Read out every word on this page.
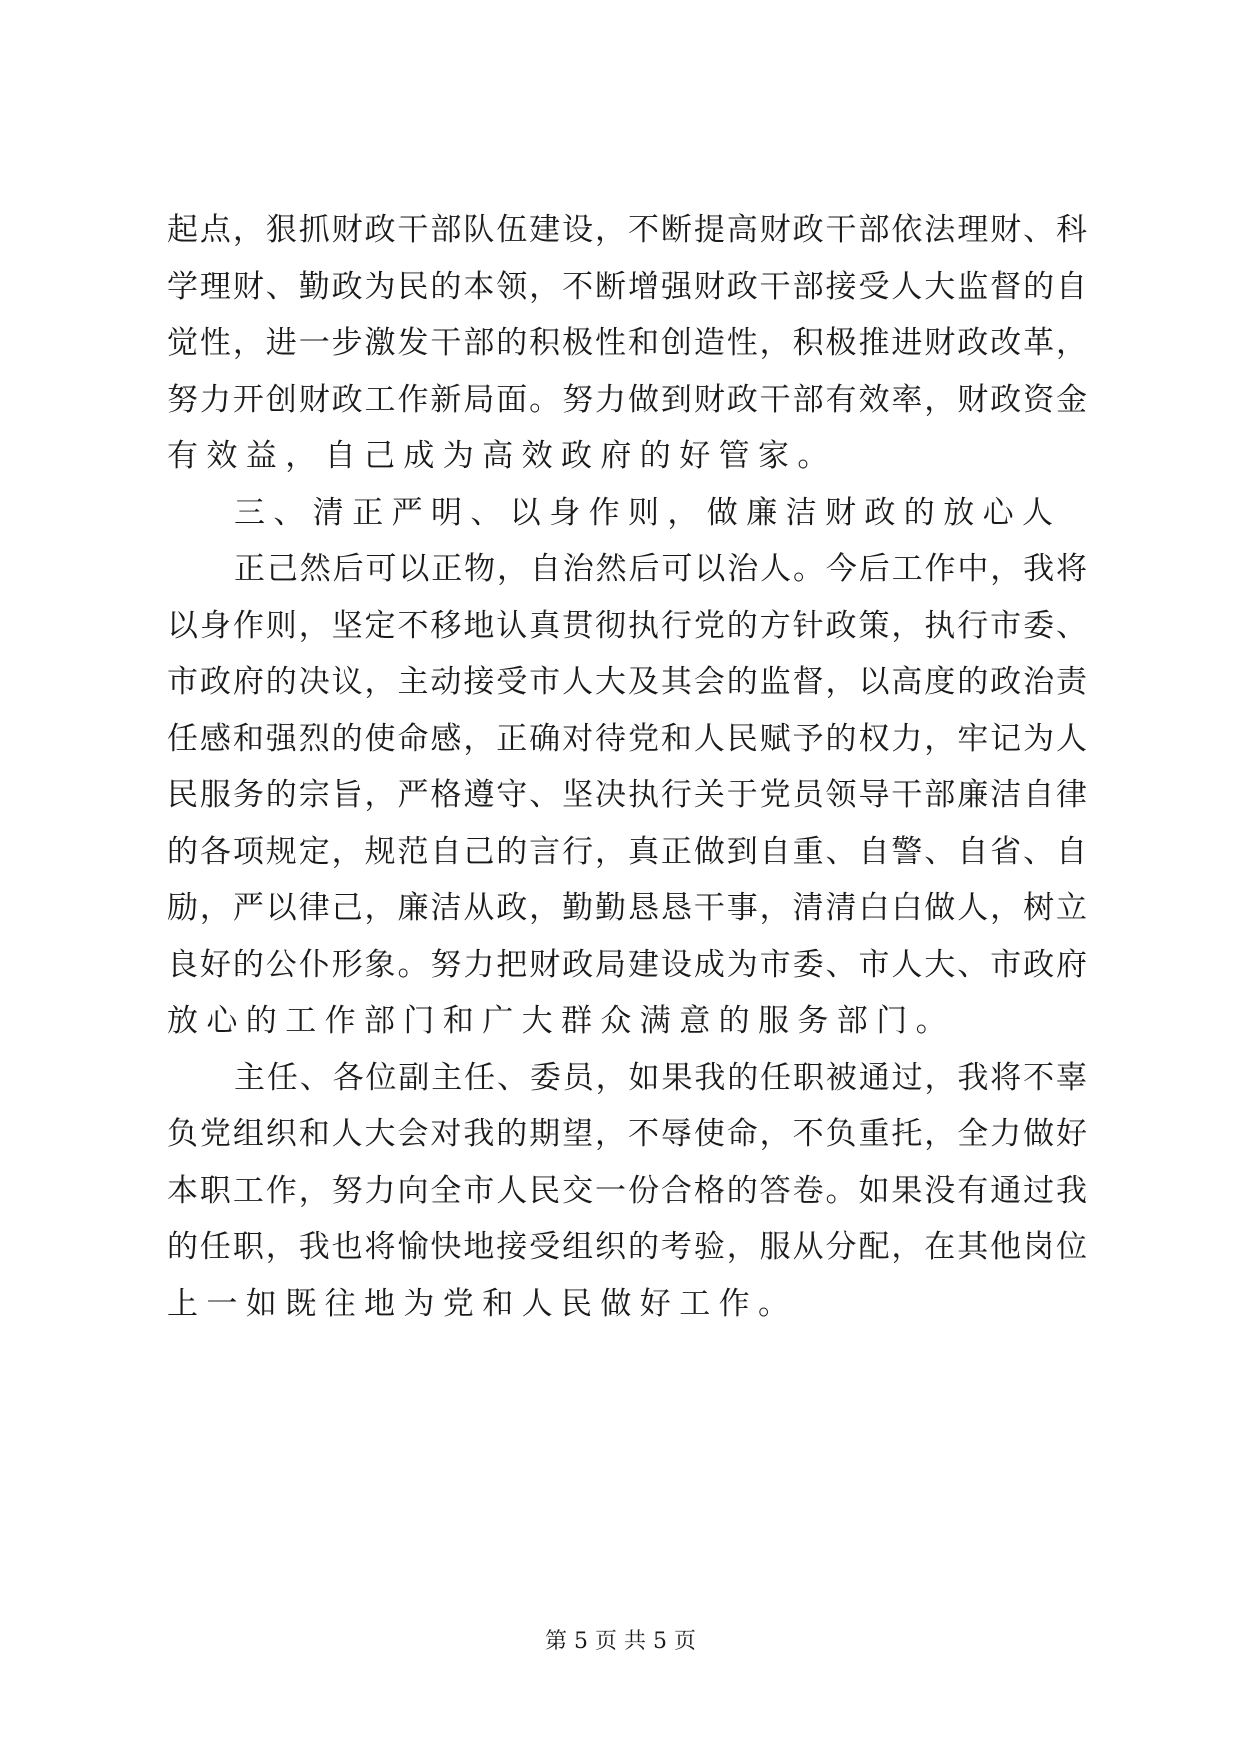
起点，狠抓财政干部队伍建设，不断提高财政干部依法理财、科
学理财、勤政为民的本领，不断增强财政干部接受人大监督的自
觉性，进一步激发干部的积极性和创造性，积极推进财政改革，
努力开创财政工作新局面。努力做到财政干部有效率，财政资金
有效益，自己成为高效政府的好管家。
三、清正严明、以身作则，做廉洁财政的放心人
正己然后可以正物，自治然后可以治人。今后工作中，我将
以身作则，坚定不移地认真贯彻执行党的方针政策，执行市委、
市政府的决议，主动接受市人大及其会的监督，以高度的政治责
任感和强烈的使命感，正确对待党和人民赋予的权力，牢记为人
民服务的宗旨，严格遵守、坚决执行关于党员领导干部廉洁自律
的各项规定，规范自己的言行，真正做到自重、自警、自省、自
励，严以律己，廉洁从政，勤勤恳恳干事，清清白白做人，树立
良好的公仆形象。努力把财政局建设成为市委、市人大、市政府
放心的工作部门和广大群众满意的服务部门。
主任、各位副主任、委员，如果我的任职被通过，我将不辜
负党组织和人大会对我的期望，不辱使命，不负重托，全力做好
本职工作，努力向全市人民交一份合格的答卷。如果没有通过我
的任职，我也将愉快地接受组织的考验，服从分配，在其他岗位
上一如既往地为党和人民做好工作。
第 5 页 共 5 页
